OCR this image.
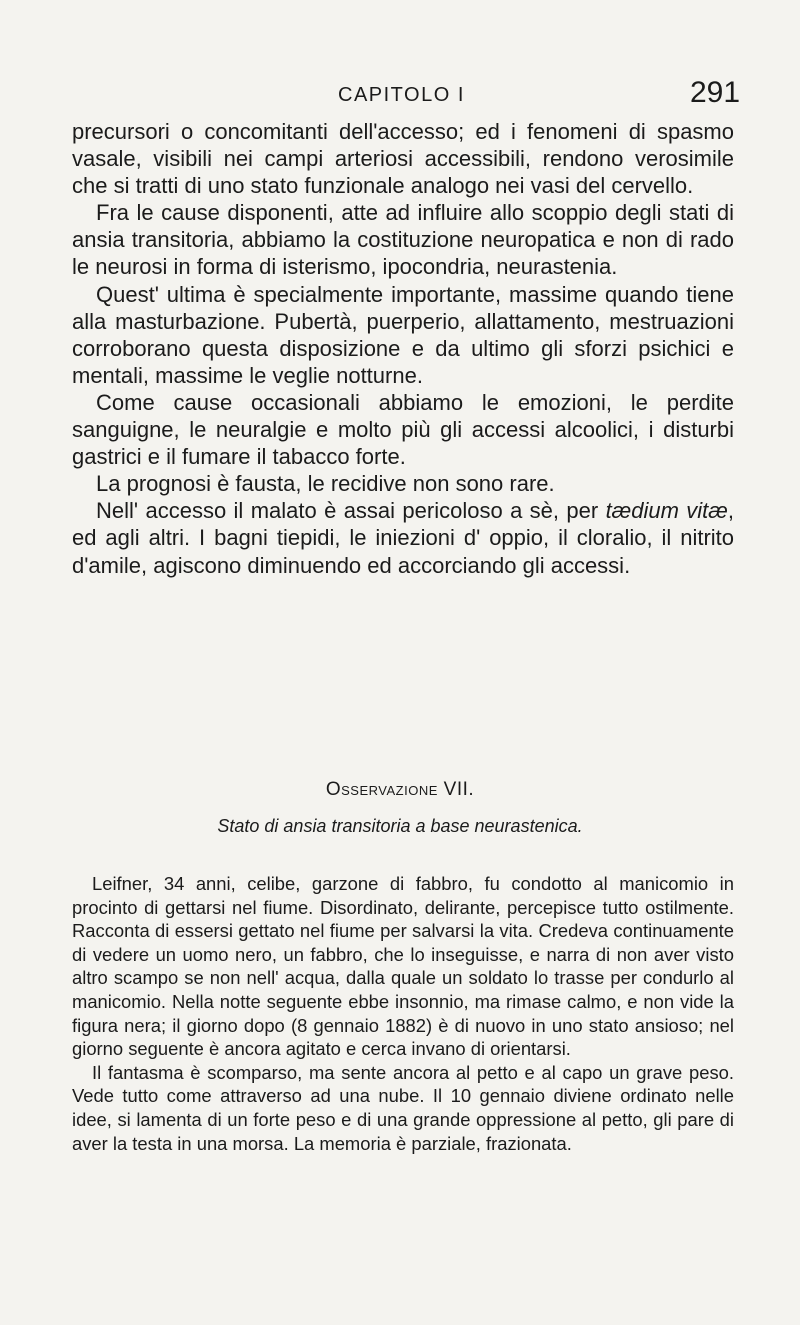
CAPITOLO I	291

precursori o concomitanti dell'accesso; ed i fenomeni di spasmo vasale, visibili nei campi arteriosi accessibili, rendono verosimile che si tratti di uno stato funzionale analogo nei vasi del cervello.

Fra le cause disponenti, atte ad influire allo scoppio degli stati di ansia transitoria, abbiamo la costituzione neuropatica e non di rado le neurosi in forma di isterismo, ipocondria, neurastenia.

Quest' ultima è specialmente importante, massime quando tiene alla masturbazione. Pubertà, puerperio, allattamento, mestruazioni corroborano questa disposizione e da ultimo gli sforzi psichici e mentali, massime le veglie notturne.

Come cause occasionali abbiamo le emozioni, le perdite sanguigne, le neuralgie e molto più gli accessi alcoolici, i disturbi gastrici e il fumare il tabacco forte.

La prognosi è fausta, le recidive non sono rare.

Nell' accesso il malato è assai pericoloso a sè, per tædium vitæ, ed agli altri. I bagni tiepidi, le iniezioni d' oppio, il cloralio, il nitrito d'amile, agiscono diminuendo ed accorciando gli accessi.

Osservazione VII.
Stato di ansia transitoria a base neurastenica.

Leifner, 34 anni, celibe, garzone di fabbro, fu condotto al manicomio in procinto di gettarsi nel fiume. Disordinato, delirante, percepisce tutto ostilmente. Racconta di essersi gettato nel fiume per salvarsi la vita. Credeva continuamente di vedere un uomo nero, un fabbro, che lo inseguisse, e narra di non aver visto altro scampo se non nell' acqua, dalla quale un soldato lo trasse per condurlo al manicomio. Nella notte seguente ebbe insonnio, ma rimase calmo, e non vide la figura nera; il giorno dopo (8 gennaio 1882) è di nuovo in uno stato ansioso; nel giorno seguente è ancora agitato e cerca invano di orientarsi.

Il fantasma è scomparso, ma sente ancora al petto e al capo un grave peso. Vede tutto come attraverso ad una nube. Il 10 gennaio diviene ordinato nelle idee, si lamenta di un forte peso e di una grande oppressione al petto, gli pare di aver la testa in una morsa. La memoria è parziale, frazionata.
